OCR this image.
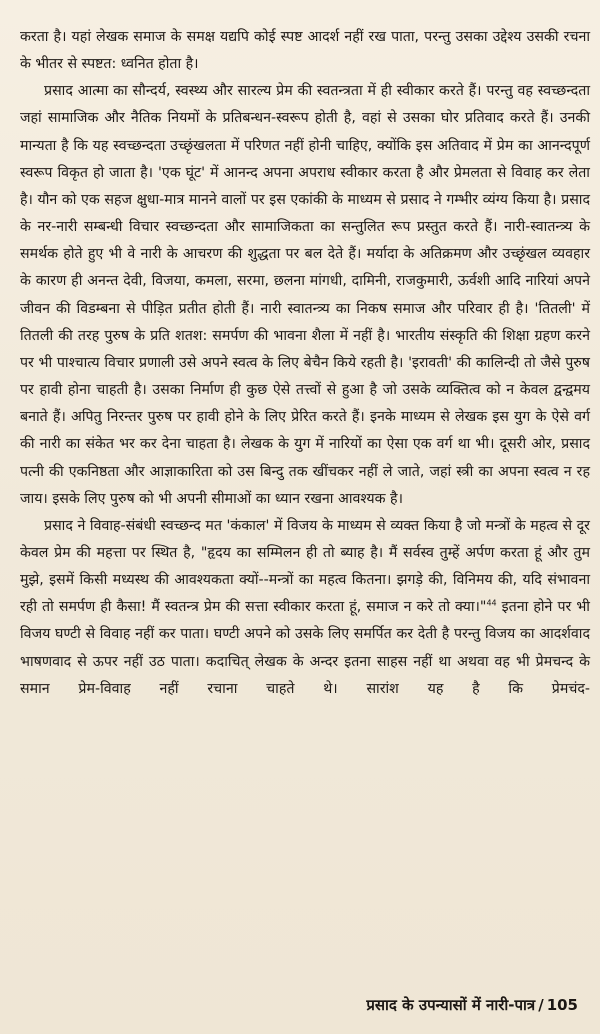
करता है। यहां लेखक समाज के समक्ष यद्यपि कोई स्पष्ट आदर्श नहीं रख पाता, परन्तु उसका उद्देश्य उसकी रचना के भीतर से स्पष्टत: ध्वनित होता है।

प्रसाद आत्मा का सौन्दर्य, स्वस्थ्य और सारल्य प्रेम की स्वतन्त्रता में ही स्वीकार करते हैं। परन्तु वह स्वच्छन्दता जहां सामाजिक और नैतिक नियमों के प्रतिबन्धन-स्वरूप होती है, वहां से उसका घोर प्रतिवाद करते हैं। उनकी मान्यता है कि यह स्वच्छन्दता उच्छृंखलता में परिणत नहीं होनी चाहिए, क्योंकि इस अतिवाद में प्रेम का आनन्दपूर्ण स्वरूप विकृत हो जाता है। 'एक घूंट' में आनन्द अपना अपराध स्वीकार करता है और प्रेमलता से विवाह कर लेता है। यौन को एक सहज क्षुधा-मात्र मानने वालों पर इस एकांकी के माध्यम से प्रसाद ने गम्भीर व्यंग्य किया है। प्रसाद के नर-नारी सम्बन्धी विचार स्वच्छन्दता और सामाजिकता का सन्तुलित रूप प्रस्तुत करते हैं। नारी-स्वातन्त्र्य के समर्थक होते हुए भी वे नारी के आचरण की शुद्धता पर बल देते हैं। मर्यादा के अतिक्रमण और उच्छृंखल व्यवहार के कारण ही अनन्त देवी, विजया, कमला, सरमा, छलना मांगधी, दामिनी, राजकुमारी, ऊर्वशी आदि नारियां अपने जीवन की विडम्बना से पीड़ित प्रतीत होती हैं। नारी स्वातन्त्र्य का निकष समाज और परिवार ही है। 'तितली' में तितली की तरह पुरुष के प्रति शतश: समर्पण की भावना शैला में नहीं है। भारतीय संस्कृति की शिक्षा ग्रहण करने पर भी पाश्चात्य विचार प्रणाली उसे अपने स्वत्व के लिए बेचैन किये रहती है। 'इरावती' की कालिन्दी तो जैसे पुरुष पर हावी होना चाहती है। उसका निर्माण ही कुछ ऐसे तत्त्वों से हुआ है जो उसके व्यक्तित्व को न केवल द्वन्द्वमय बनाते हैं। अपितु निरन्तर पुरुष पर हावी होने के लिए प्रेरित करते हैं। इनके माध्यम से लेखक इस युग के ऐसे वर्ग की नारी का संकेत भर कर देना चाहता है। लेखक के युग में नारियों का ऐसा एक वर्ग था भी। दूसरी ओर, प्रसाद पत्नी की एकनिष्ठता और आज्ञाकारिता को उस बिन्दु तक खींचकर नहीं ले जाते, जहां स्त्री का अपना स्वत्व न रह जाय। इसके लिए पुरुष को भी अपनी सीमाओं का ध्यान रखना आवश्यक है।

प्रसाद ने विवाह-संबंधी स्वच्छन्द मत 'कंकाल' में विजय के माध्यम से व्यक्त किया है जो मन्त्रों के महत्व से दूर केवल प्रेम की महत्ता पर स्थित है, "हृदय का सम्मिलन ही तो ब्याह है। मैं सर्वस्व तुम्हें अर्पण करता हूं और तुम मुझे, इसमें किसी मध्यस्थ की आवश्यकता क्यों--मन्त्रों का महत्व कितना। झगड़े की, विनिमय की, यदि संभावना रही तो समर्पण ही कैसा! मैं स्वतन्त्र प्रेम की सत्ता स्वीकार करता हूं, समाज न करे तो क्या।"$^{44}$ इतना होने पर भी विजय घण्टी से विवाह नहीं कर पाता। घण्टी अपने को उसके लिए समर्पित कर देती है परन्तु विजय का आदर्शवाद भाषणवाद से ऊपर नहीं उठ पाता। कदाचित् लेखक के अन्दर इतना साहस नहीं था अथवा वह भी प्रेमचन्द के समान प्रेम-विवाह नहीं रचाना चाहते थे। सारांश यह है कि प्रेमचंद-

प्रसाद के उपन्यासों में नारी-पात्र / 105
